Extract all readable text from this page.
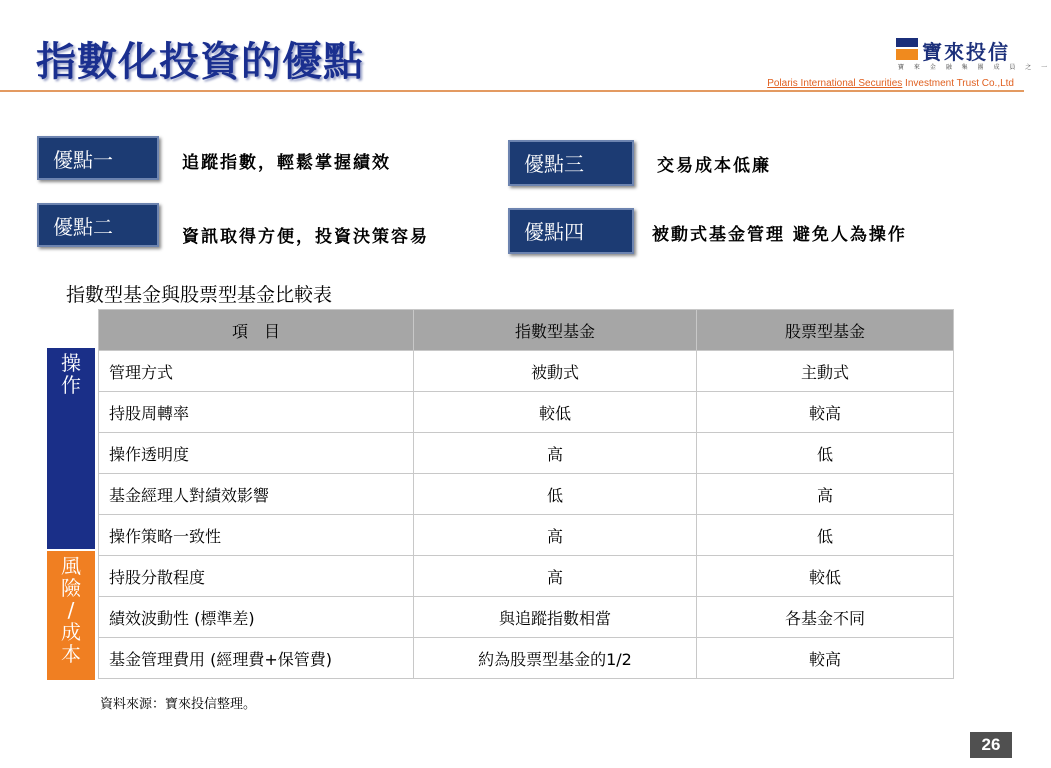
指數化投資的優點	寶來投信
寶 來 金 融 集 團 成 員 之 一
Polaris International Securities Investment Trust Co.,Ltd
優點一	追蹤指數，輕鬆掌握績效
優點二	資訊取得方便，投資決策容易
優點三	交易成本低廉
優點四	被動式基金管理 避免人為操作
指數型基金與股票型基金比較表
操
作
風
險
/
成
本
項　目	指數型基金	股票型基金
管理方式	被動式	主動式
持股周轉率	較低	較高
操作透明度	高	低
基金經理人對績效影響	低	高
操作策略一致性	高	低
持股分散程度	高	較低
績效波動性 (標準差)	與追蹤指數相當	各基金不同
基金管理費用 (經理費+保管費)	約為股票型基金的1/2	較高
資料來源：寶來投信整理。
26
